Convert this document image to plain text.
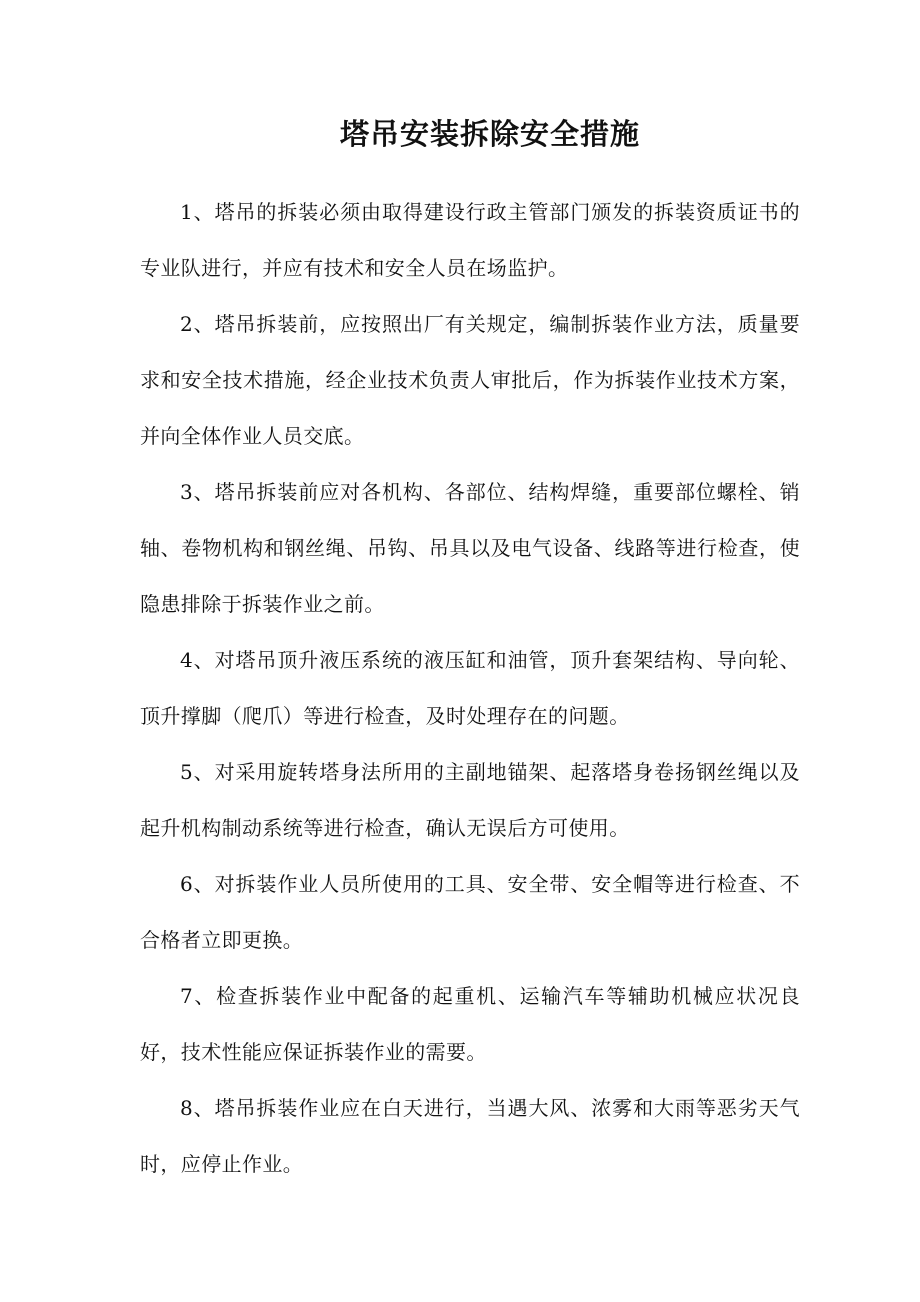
塔吊安装拆除安全措施

1、塔吊的拆装必须由取得建设行政主管部门颁发的拆装资质证书的专业队进行，并应有技术和安全人员在场监护。

2、塔吊拆装前，应按照出厂有关规定，编制拆装作业方法，质量要求和安全技术措施，经企业技术负责人审批后，作为拆装作业技术方案，并向全体作业人员交底。

3、塔吊拆装前应对各机构、各部位、结构焊缝，重要部位螺栓、销轴、卷物机构和钢丝绳、吊钩、吊具以及电气设备、线路等进行检查，使隐患排除于拆装作业之前。

4、对塔吊顶升液压系统的液压缸和油管，顶升套架结构、导向轮、顶升撑脚（爬爪）等进行检查，及时处理存在的问题。

5、对采用旋转塔身法所用的主副地锚架、起落塔身卷扬钢丝绳以及起升机构制动系统等进行检查，确认无误后方可使用。

6、对拆装作业人员所使用的工具、安全带、安全帽等进行检查、不合格者立即更换。

7、检查拆装作业中配备的起重机、运输汽车等辅助机械应状况良好，技术性能应保证拆装作业的需要。

8、塔吊拆装作业应在白天进行，当遇大风、浓雾和大雨等恶劣天气时，应停止作业。
